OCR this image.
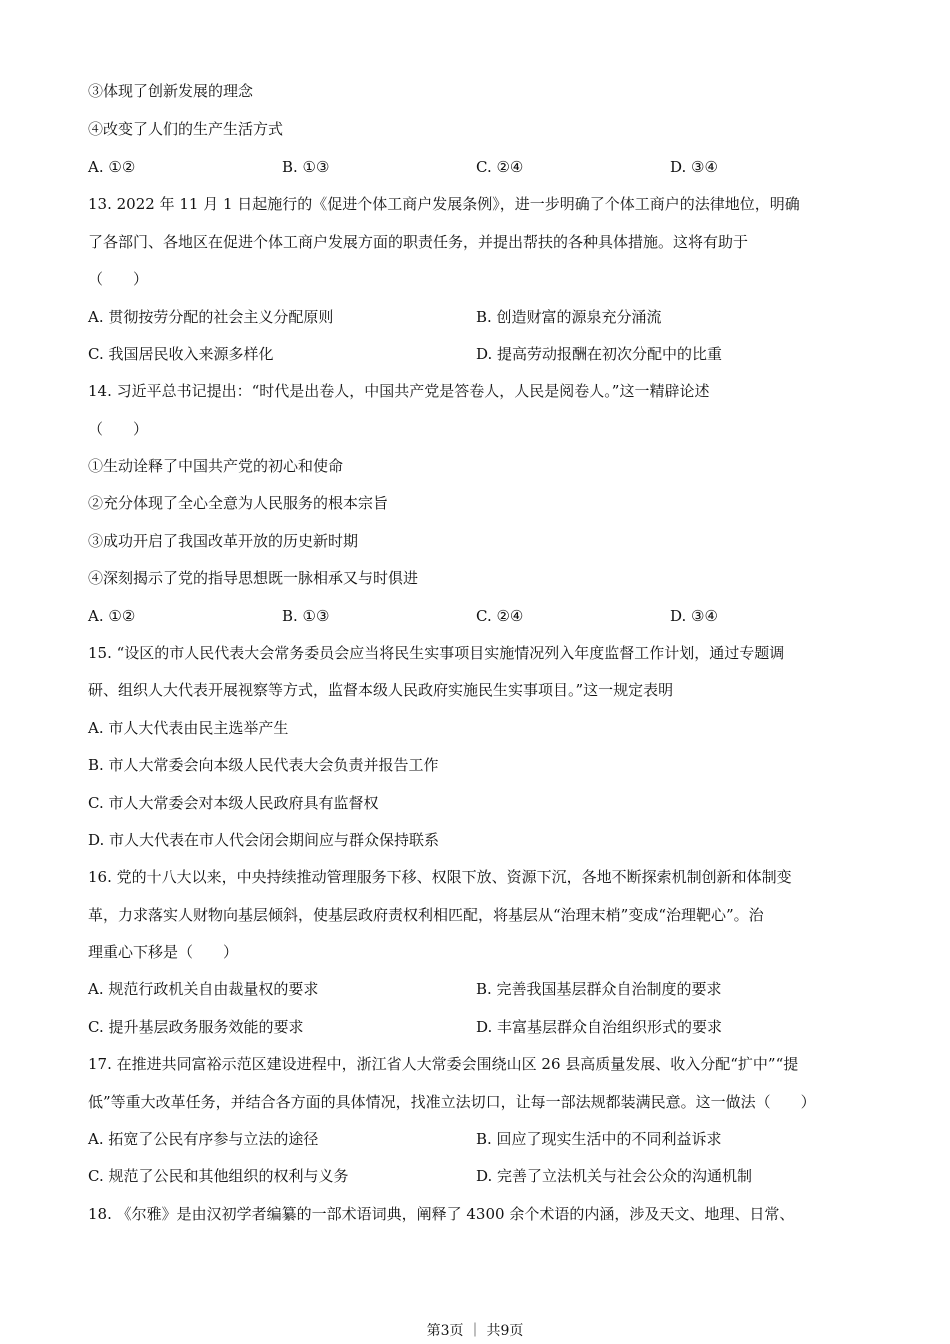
③体现了创新发展的理念
④改变了人们的生产生活方式
A. ①②	B. ①③	C. ②④	D. ③④
13. 2022 年 11 月 1 日起施行的《促进个体工商户发展条例》，进一步明确了个体工商户的法律地位，明确
了各部门、各地区在促进个体工商户发展方面的职责任务，并提出帮扶的各种具体措施。这将有助于
（　　）
A. 贯彻按劳分配的社会主义分配原则	B. 创造财富的源泉充分涌流
C. 我国居民收入来源多样化	D. 提高劳动报酬在初次分配中的比重
14. 习近平总书记提出：“时代是出卷人，中国共产党是答卷人，人民是阅卷人。”这一精辟论述
（　　）
①生动诠释了中国共产党的初心和使命
②充分体现了全心全意为人民服务的根本宗旨
③成功开启了我国改革开放的历史新时期
④深刻揭示了党的指导思想既一脉相承又与时俱进
A. ①②	B. ①③	C. ②④	D. ③④
15. “设区的市人民代表大会常务委员会应当将民生实事项目实施情况列入年度监督工作计划，通过专题调
研、组织人大代表开展视察等方式，监督本级人民政府实施民生实事项目。”这一规定表明
A. 市人大代表由民主选举产生
B. 市人大常委会向本级人民代表大会负责并报告工作
C. 市人大常委会对本级人民政府具有监督权
D. 市人大代表在市人代会闭会期间应与群众保持联系
16. 党的十八大以来，中央持续推动管理服务下移、权限下放、资源下沉，各地不断探索机制创新和体制变
革，力求落实人财物向基层倾斜，使基层政府责权利相匹配，将基层从“治理末梢”变成“治理靶心”。治
理重心下移是（　　）
A. 规范行政机关自由裁量权的要求	B. 完善我国基层群众自治制度的要求
C. 提升基层政务服务效能的要求	D. 丰富基层群众自治组织形式的要求
17. 在推进共同富裕示范区建设进程中，浙江省人大常委会围绕山区 26 县高质量发展、收入分配“扩中”“提
低”等重大改革任务，并结合各方面的具体情况，找准立法切口，让每一部法规都装满民意。这一做法（　　）
A. 拓宽了公民有序参与立法的途径	B. 回应了现实生活中的不同利益诉求
C. 规范了公民和其他组织的权利与义务	D. 完善了立法机关与社会公众的沟通机制
18. 《尔雅》是由汉初学者编纂的一部术语词典，阐释了 4300 余个术语的内涵，涉及天文、地理、日常、
第3页 ｜ 共9页
